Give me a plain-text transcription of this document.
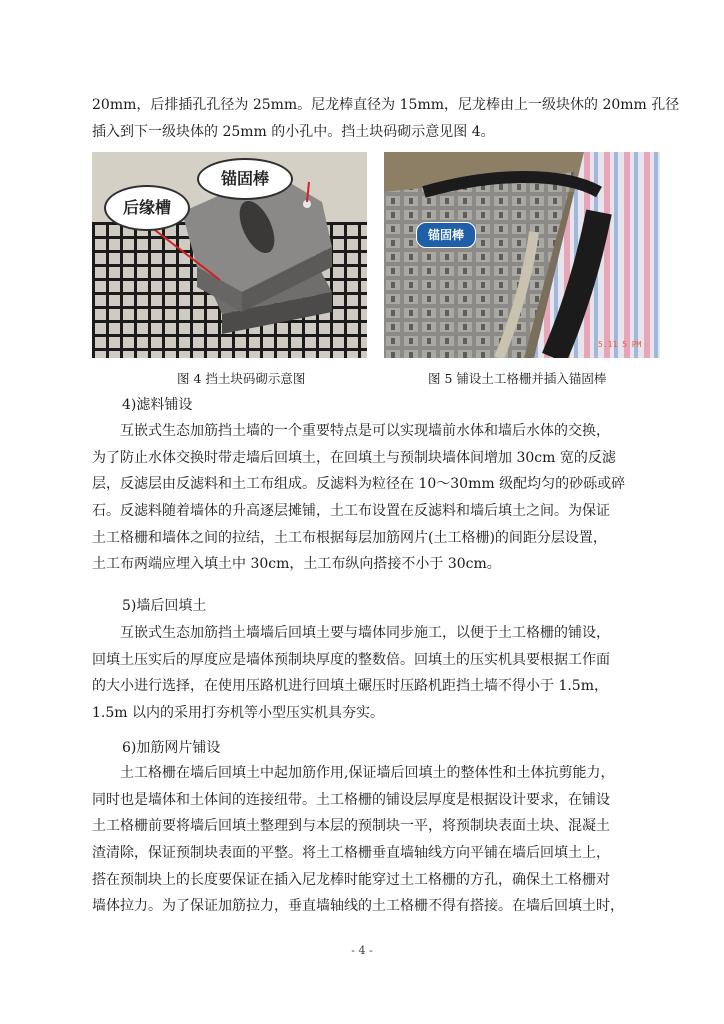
20mm，后排插孔孔径为 25mm。尼龙棒直径为 15mm，尼龙棒由上一级块休的 20mm 孔径
插入到下一级块体的 25mm 的小孔中。挡土块码砌示意见图 4。
后缘槽
锚固棒
锚固棒
5.11 5 PM
图 4 挡土块码砌示意图	图 5 铺设土工格栅并插入锚固棒
4)滤料铺设
互嵌式生态加筋挡土墙的一个重要特点是可以实现墙前水体和墙后水体的交换，
为了防止水体交换时带走墙后回填土，在回填土与预制块墙体间增加 30cm 宽的反滤
层，反滤层由反滤料和土工布组成。反滤料为粒径在 10～30mm 级配均匀的砂砾或碎
石。反滤料随着墙体的升高逐层摊铺，土工布设置在反滤料和墙后填土之间。为保证
土工格栅和墙体之间的拉结，土工布根据每层加筋网片(土工格栅)的间距分层设置，
土工布两端应埋入填土中 30cm，土工布纵向搭接不小于 30cm。
5)墙后回填土
互嵌式生态加筋挡土墙墙后回填土要与墙体同步施工，以便于土工格栅的铺设，
回填土压实后的厚度应是墙体预制块厚度的整数倍。回填土的压实机具要根据工作面
的大小进行选择，在使用压路机进行回填土碾压时压路机距挡土墙不得小于 1.5m，
1.5m 以内的采用打夯机等小型压实机具夯实。
6)加筋网片铺设
土工格栅在墙后回填土中起加筋作用,保证墙后回填土的整体性和土体抗剪能力，
同时也是墙体和土体间的连接纽带。土工格栅的铺设层厚度是根据设计要求，在铺设
土工格栅前要将墙后回填土整理到与本层的预制块一平，将预制块表面土块、混凝土
渣清除，保证预制块表面的平整。将土工格栅垂直墙轴线方向平铺在墙后回填土上，
搭在预制块上的长度要保证在插入尼龙棒时能穿过土工格栅的方孔，确保土工格栅对
墙体拉力。为了保证加筋拉力，垂直墙轴线的土工格栅不得有搭接。在墙后回填土时，
- 4 -
